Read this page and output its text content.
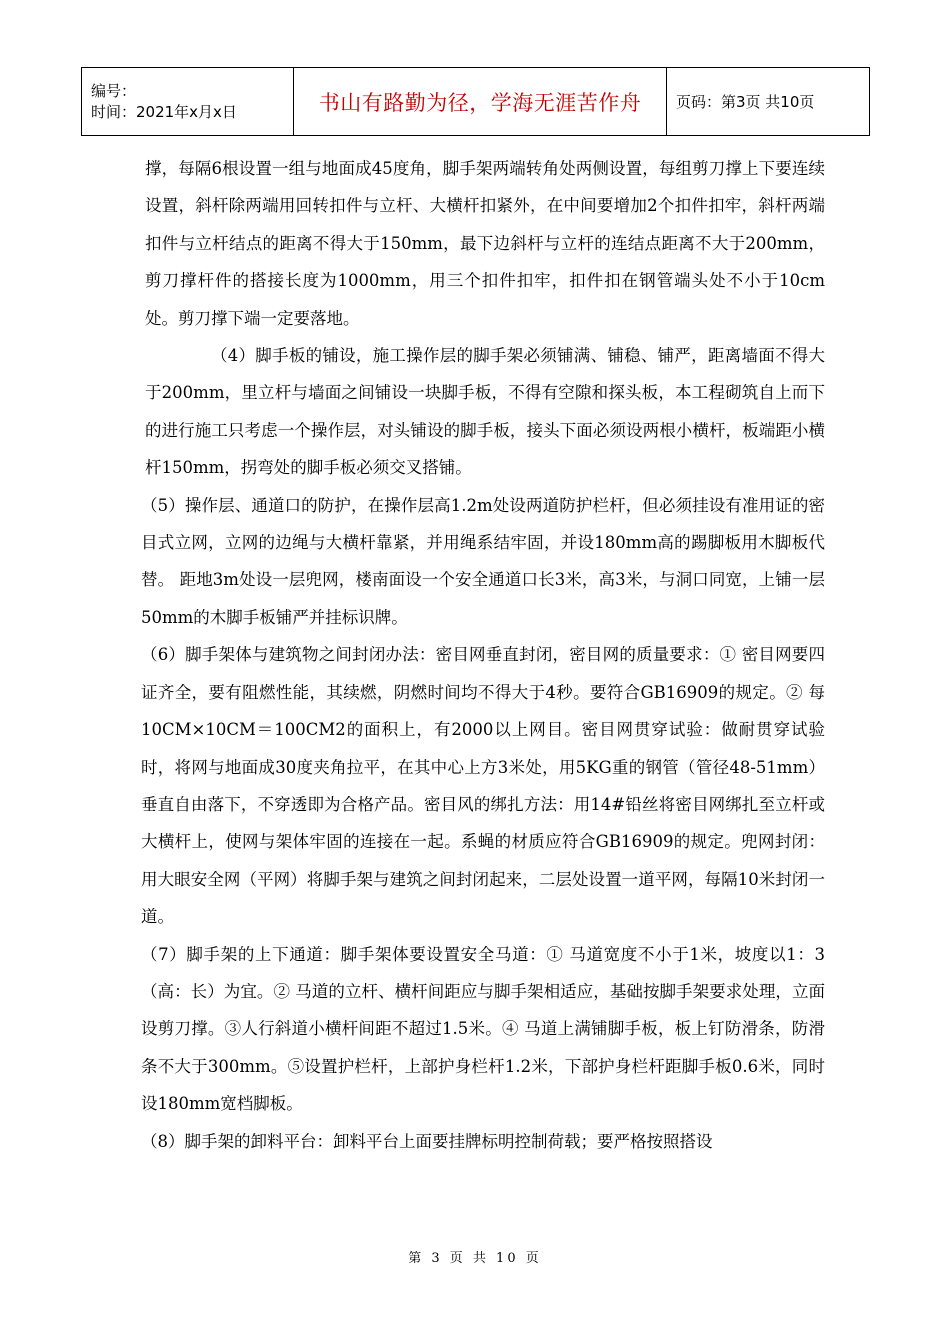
编号：
时间：2021年x月x日	书山有路勤为径，学海无涯苦作舟	页码：第3页 共10页

撑，每隔6根设置一组与地面成45度角，脚手架两端转角处两侧设置，每组剪刀撑上下要连续设置，斜杆除两端用回转扣件与立杆、大横杆扣紧外，在中间要增加2个扣件扣牢，斜杆两端扣件与立杆结点的距离不得大于150mm，最下边斜杆与立杆的连结点距离不大于200mm，剪刀撑杆件的搭接长度为1000mm，用三个扣件扣牢，扣件扣在钢管端头处不小于10cm处。剪刀撑下端一定要落地。

（4）脚手板的铺设，施工操作层的脚手架必须铺满、铺稳、铺严，距离墙面不得大于200mm，里立杆与墙面之间铺设一块脚手板，不得有空隙和探头板，本工程砌筑自上而下的进行施工只考虑一个操作层，对头铺设的脚手板，接头下面必须设两根小横杆，板端距小横杆150mm，拐弯处的脚手板必须交叉搭铺。

（5）操作层、通道口的防护，在操作层高1.2m处设两道防护栏杆，但必须挂设有准用证的密目式立网，立网的边绳与大横杆靠紧，并用绳系结牢固，并设180mm高的踢脚板用木脚板代替。 距地3m处设一层兜网，楼南面设一个安全通道口长3米，高3米，与洞口同宽，上铺一层50mm的木脚手板铺严并挂标识牌。

（6）脚手架体与建筑物之间封闭办法：密目网垂直封闭，密目网的质量要求：① 密目网要四证齐全，要有阻燃性能，其续燃，阴燃时间均不得大于4秒。要符合GB16909的规定。② 每10CM×10CM＝100CM2的面积上，有2000以上网目。密目网贯穿试验：做耐贯穿试验时，将网与地面成30度夹角拉平，在其中心上方3米处，用5KG重的钢管（管径48-51mm）垂直自由落下，不穿透即为合格产品。密目风的绑扎方法：用14#铅丝将密目网绑扎至立杆或大横杆上，使网与架体牢固的连接在一起。系蝇的材质应符合GB16909的规定。兜网封闭：用大眼安全网（平网）将脚手架与建筑之间封闭起来，二层处设置一道平网，每隔10米封闭一道。

（7）脚手架的上下通道：脚手架体要设置安全马道：① 马道宽度不小于1米，坡度以1：3（高：长）为宜。② 马道的立杆、横杆间距应与脚手架相适应，基础按脚手架要求处理，立面设剪刀撑。③人行斜道小横杆间距不超过1.5米。④ 马道上满铺脚手板，板上钉防滑条，防滑条不大于300mm。⑤设置护栏杆，上部护身栏杆1.2米，下部护身栏杆距脚手板0.6米，同时设180mm宽档脚板。

（8）脚手架的卸料平台：卸料平台上面要挂牌标明控制荷载；要严格按照搭设

第 3 页 共 10 页
